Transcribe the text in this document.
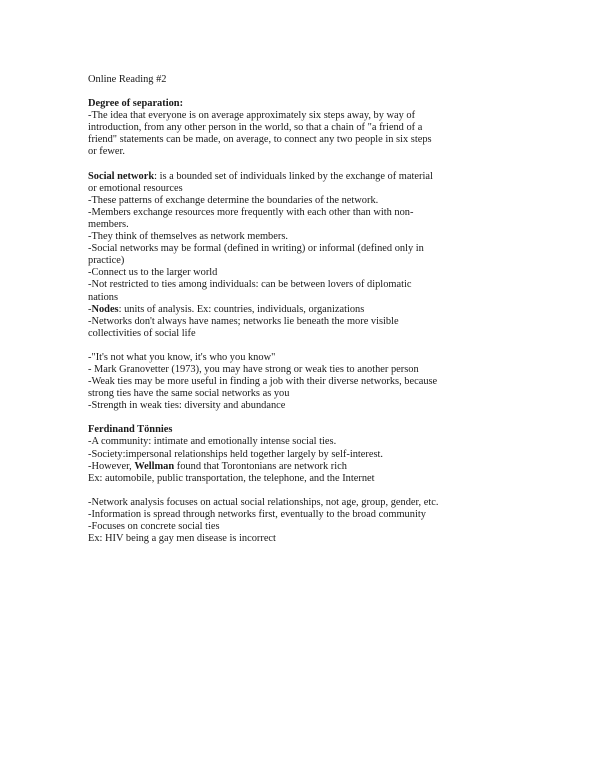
Online Reading #2
Degree of separation:
-The idea that everyone is on average approximately six steps away, by way of
introduction, from any other person in the world, so that a chain of "a friend of a
friend" statements can be made, on average, to connect any two people in six steps
or fewer.
Social network: is a bounded set of individuals linked by the exchange of material
or emotional resources
-These patterns of exchange determine the boundaries of the network.
-Members exchange resources more frequently with each other than with non-
members.
-They think of themselves as network members.
-Social networks may be formal (defined in writing) or informal (defined only in
practice)
-Connect us to the larger world
-Not restricted to ties among individuals: can be between lovers of diplomatic
nations
-Nodes: units of analysis. Ex: countries, individuals, organizations
-Networks don't always have names; networks lie beneath the more visible
collectivities of social life
-"It's not what you know, it's who you know"
- Mark Granovetter (1973), you may have strong or weak ties to another person
-Weak ties may be more useful in finding a job with their diverse networks, because
strong ties have the same social networks as you
-Strength in weak ties: diversity and abundance
Ferdinand Tönnies
-A community: intimate and emotionally intense social ties.
-Society:impersonal relationships held together largely by self-interest.
-However, Wellman found that Torontonians are network rich
Ex: automobile, public transportation, the telephone, and the Internet
-Network analysis focuses on actual social relationships, not age, group, gender, etc.
-Information is spread through networks first, eventually to the broad community
-Focuses on concrete social ties
Ex: HIV being a gay men disease is incorrect
